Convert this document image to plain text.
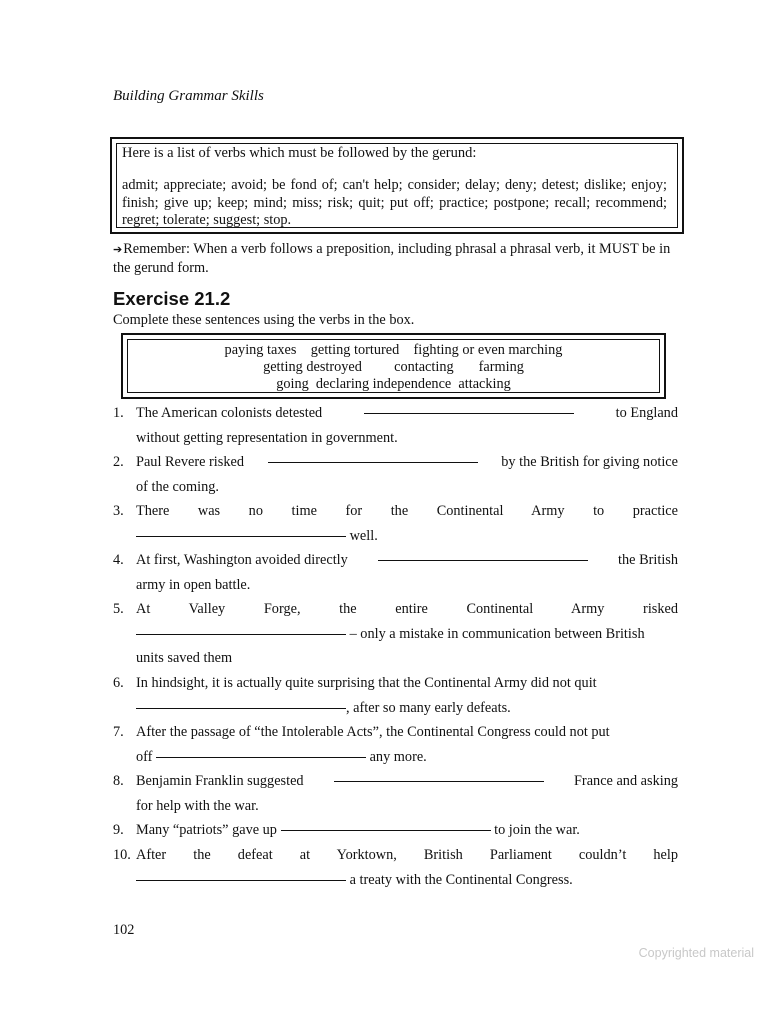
Building Grammar Skills
Here is a list of verbs which must be followed by the gerund:
admit; appreciate; avoid; be fond of; can't help; consider; delay; deny; detest; dislike; enjoy; finish; give up; keep; mind; miss; risk; quit; put off; practice; postpone; recall; recommend; regret; tolerate; suggest; stop.
➔Remember: When a verb follows a preposition, including phrasal a phrasal verb, it MUST be in the gerund form.
Exercise 21.2
Complete these sentences using the verbs in the box.
paying taxes    getting tortured    fighting or even marching
getting destroyed         contacting       farming
going  declaring independence  attacking
1. The American colonists detested	to England
without getting representation in government.
2. Paul Revere risked	by the British for giving notice
of the coming.
3. There was no time for the Continental Army to practice

well.
4. At first, Washington avoided directly	the British
army in open battle.
5. At Valley Forge, the entire Continental Army risked

– only a mistake in communication between British
units saved them
6. In hindsight, it is actually quite surprising that the Continental Army did not quit
, after so many early defeats.
7. After the passage of “the Intolerable Acts”, the Continental Congress could not put
off

	any more.
8. Benjamin Franklin suggested	France and asking
for help with the war.
9. Many “patriots” gave up

	to join the war.
10. After the defeat at Yorktown, British Parliament couldn’t help

a treaty with the Continental Congress.
102
Copyrighted material
